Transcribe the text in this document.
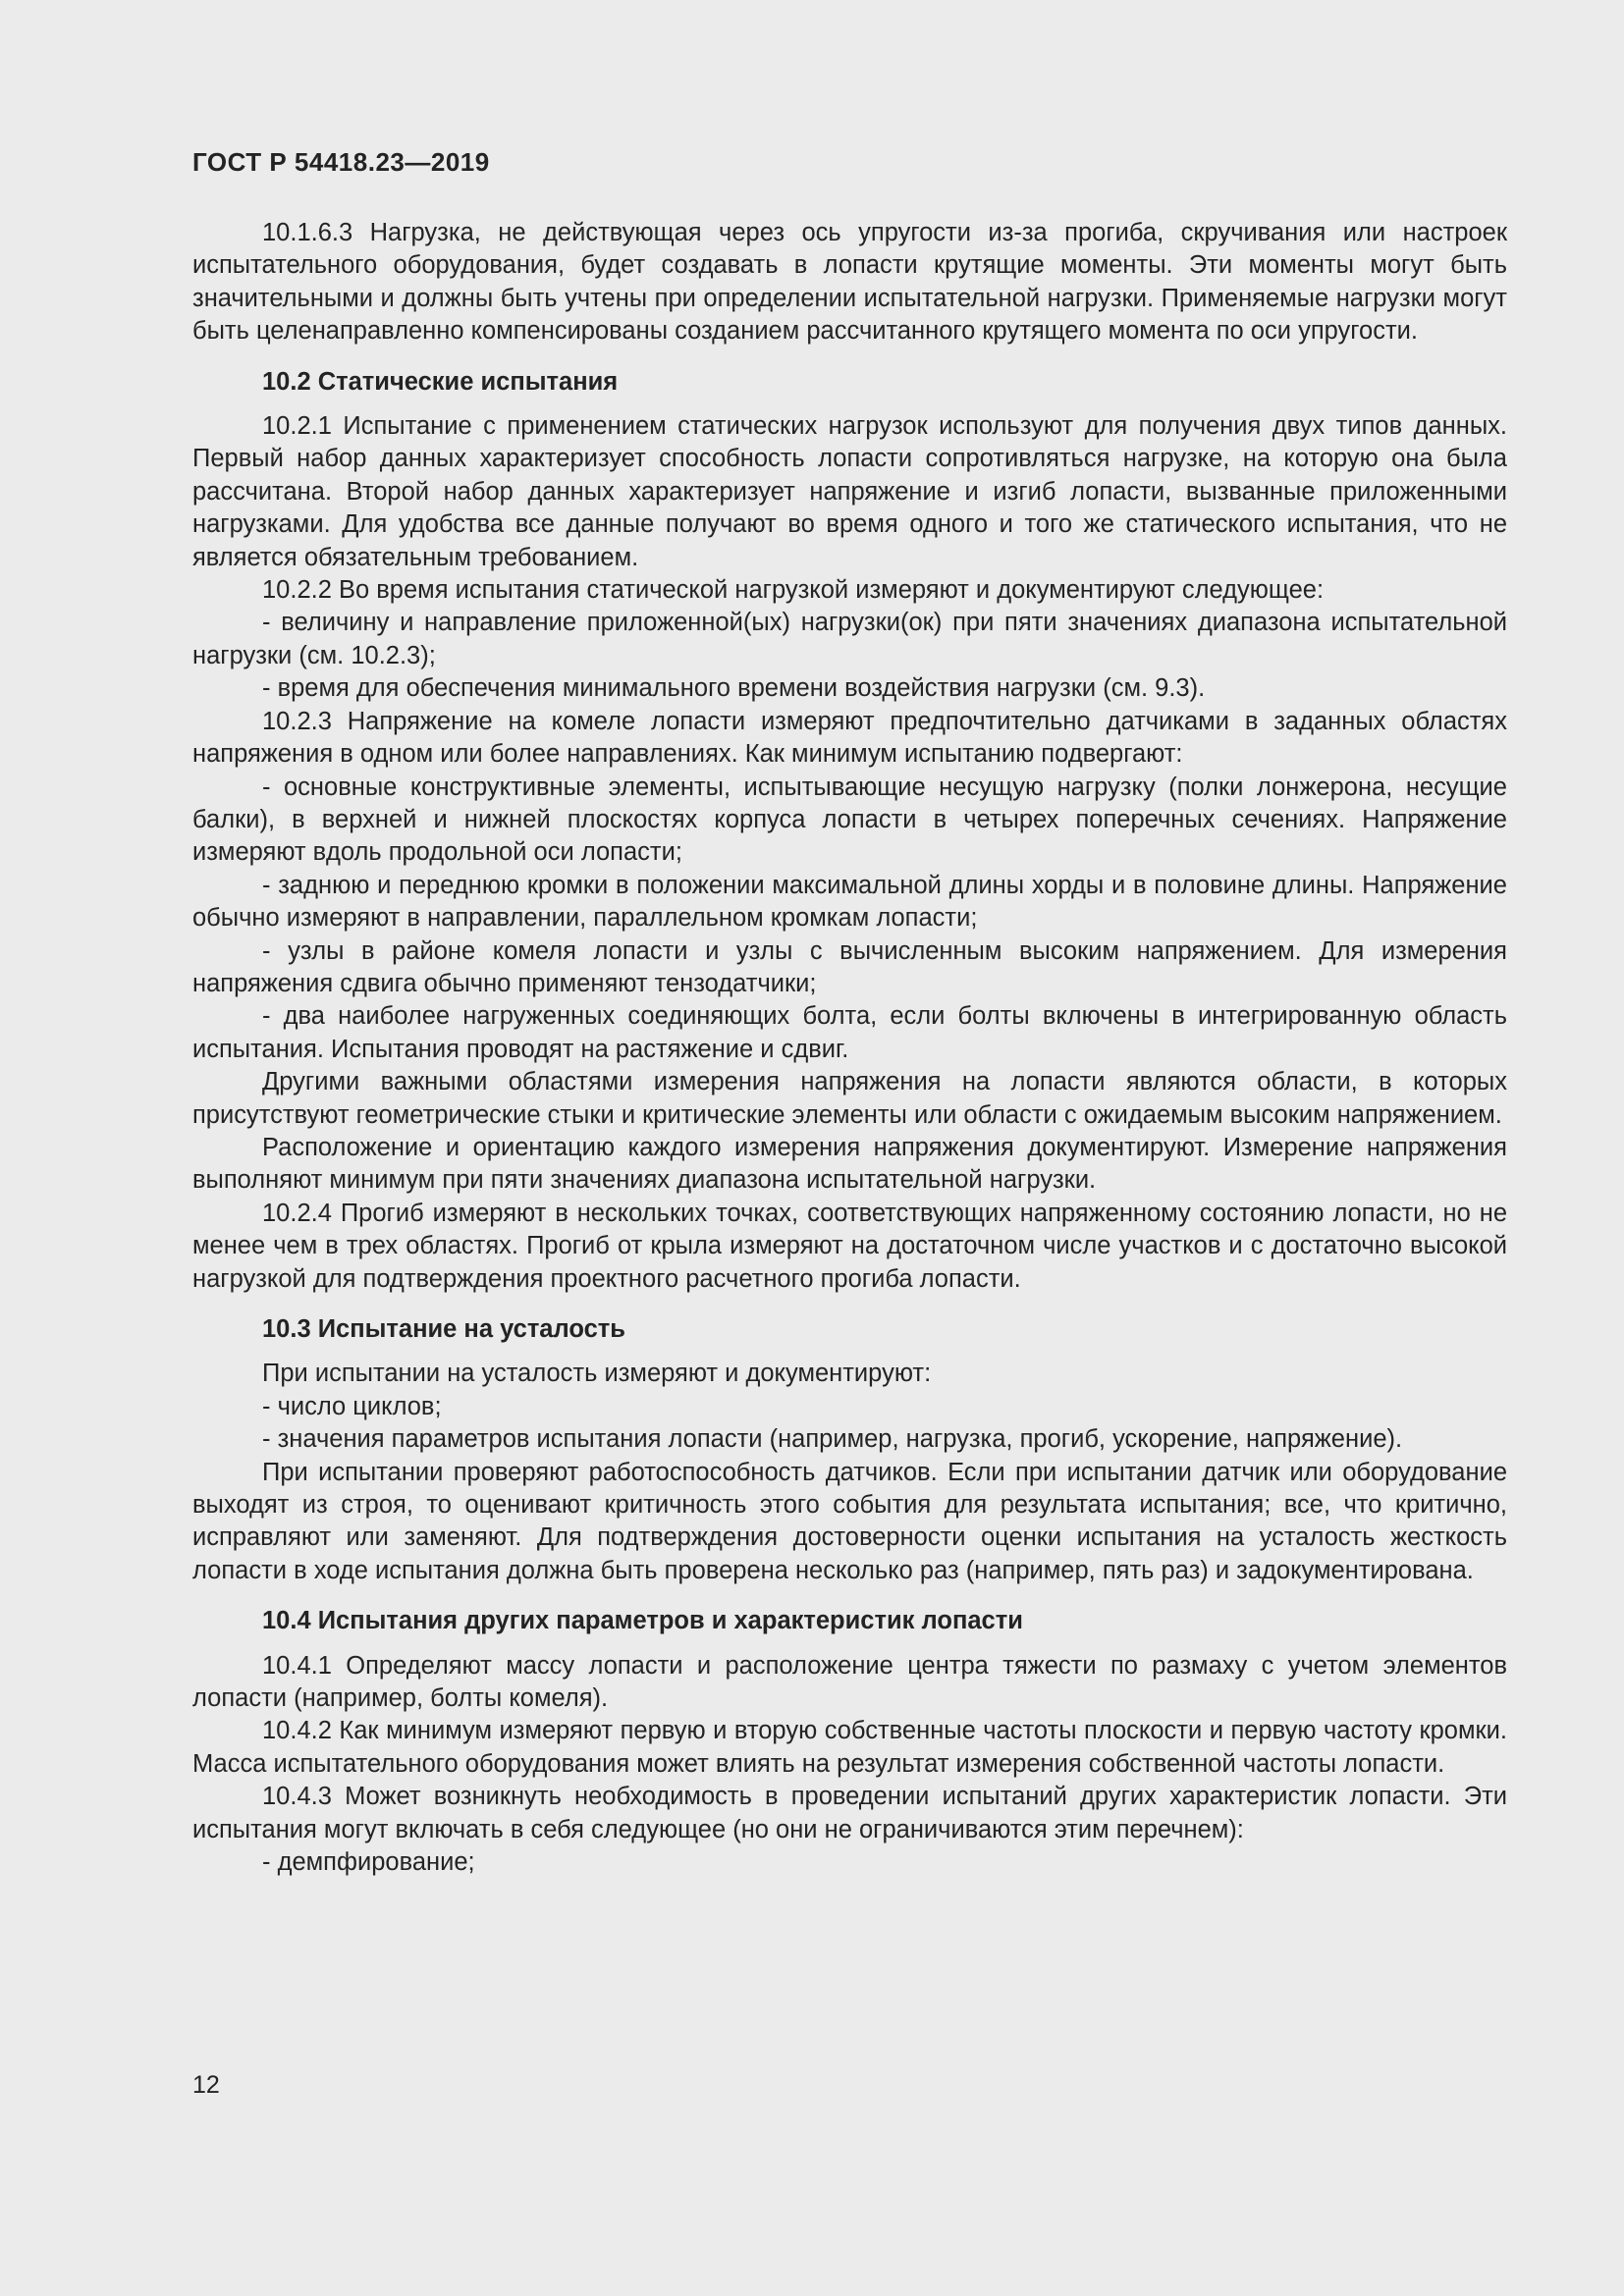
ГОСТ Р 54418.23—2019

10.1.6.3 Нагрузка, не действующая через ось упругости из-за прогиба, скручивания или настроек испытательного оборудования, будет создавать в лопасти крутящие моменты. Эти моменты могут быть значительными и должны быть учтены при определении испытательной нагрузки. Применяемые нагрузки могут быть целенаправленно компенсированы созданием рассчитанного крутящего момента по оси упругости.

10.2 Статические испытания

10.2.1 Испытание с применением статических нагрузок используют для получения двух типов данных. Первый набор данных характеризует способность лопасти сопротивляться нагрузке, на которую она была рассчитана. Второй набор данных характеризует напряжение и изгиб лопасти, вызванные приложенными нагрузками. Для удобства все данные получают во время одного и того же статического испытания, что не является обязательным требованием.

10.2.2 Во время испытания статической нагрузкой измеряют и документируют следующее:

- величину и направление приложенной(ых) нагрузки(ок) при пяти значениях диапазона испытательной нагрузки (см. 10.2.3);

- время для обеспечения минимального времени воздействия нагрузки (см. 9.3).

10.2.3 Напряжение на комеле лопасти измеряют предпочтительно датчиками в заданных областях напряжения в одном или более направлениях. Как минимум испытанию подвергают:

- основные конструктивные элементы, испытывающие несущую нагрузку (полки лонжерона, несущие балки), в верхней и нижней плоскостях корпуса лопасти в четырех поперечных сечениях. Напряжение измеряют вдоль продольной оси лопасти;

- заднюю и переднюю кромки в положении максимальной длины хорды и в половине длины. Напряжение обычно измеряют в направлении, параллельном кромкам лопасти;

- узлы в районе комеля лопасти и узлы с вычисленным высоким напряжением. Для измерения напряжения сдвига обычно применяют тензодатчики;

- два наиболее нагруженных соединяющих болта, если болты включены в интегрированную область испытания. Испытания проводят на растяжение и сдвиг.

Другими важными областями измерения напряжения на лопасти являются области, в которых присутствуют геометрические стыки и критические элементы или области с ожидаемым высоким напряжением.

Расположение и ориентацию каждого измерения напряжения документируют. Измерение напряжения выполняют минимум при пяти значениях диапазона испытательной нагрузки.

10.2.4 Прогиб измеряют в нескольких точках, соответствующих напряженному состоянию лопасти, но не менее чем в трех областях. Прогиб от крыла измеряют на достаточном числе участков и с достаточно высокой нагрузкой для подтверждения проектного расчетного прогиба лопасти.

10.3 Испытание на усталость

При испытании на усталость измеряют и документируют:

- число циклов;

- значения параметров испытания лопасти (например, нагрузка, прогиб, ускорение, напряжение).

При испытании проверяют работоспособность датчиков. Если при испытании датчик или оборудование выходят из строя, то оценивают критичность этого события для результата испытания; все, что критично, исправляют или заменяют. Для подтверждения достоверности оценки испытания на усталость жесткость лопасти в ходе испытания должна быть проверена несколько раз (например, пять раз) и задокументирована.

10.4 Испытания других параметров и характеристик лопасти

10.4.1 Определяют массу лопасти и расположение центра тяжести по размаху с учетом элементов лопасти (например, болты комеля).

10.4.2 Как минимум измеряют первую и вторую собственные частоты плоскости и первую частоту кромки. Масса испытательного оборудования может влиять на результат измерения собственной частоты лопасти.

10.4.3 Может возникнуть необходимость в проведении испытаний других характеристик лопасти. Эти испытания могут включать в себя следующее (но они не ограничиваются этим перечнем):

- демпфирование;

12
